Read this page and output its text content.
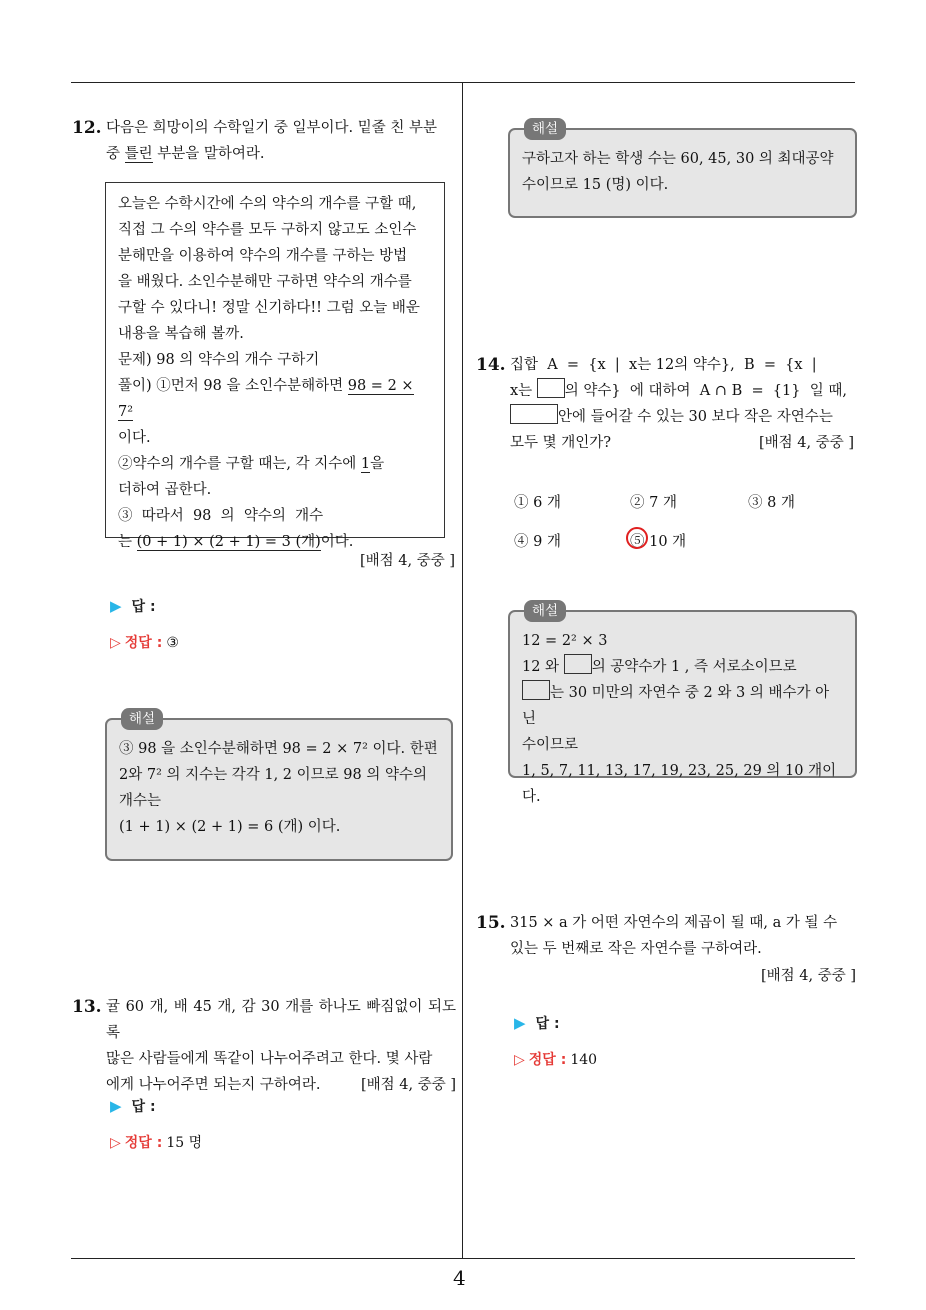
4
12. 다음은 희망이의 수학일기 중 일부이다. 밑줄 친 부분
중 틀린 부분을 말하여라.
오늘은 수학시간에 수의 약수의 개수를 구할 때,
직접 그 수의 약수를 모두 구하지 않고도 소인수
분해만을 이용하여 약수의 개수를 구하는 방법
을 배웠다. 소인수분해만 구하면 약수의 개수를
구할 수 있다니! 정말 신기하다!! 그럼 오늘 배운
내용을 복습해 볼까.
문제) 98 의 약수의 개수 구하기
풀이) ①먼저 98 을 소인수분해하면 98 = 2 × 7²
이다.
②약수의 개수를 구할 때는, 각 지수에 1을
더하여 곱한다.
③  따라서  98  의  약수의  개수
는 (0 + 1) × (2 + 1) = 3 (개)이다.
[배점 4, 중중 ]
▶ 답 :
▷ 정답 : ③
해설
③ 98 을 소인수분해하면 98 = 2 × 7² 이다. 한편
2와 7² 의 지수는 각각 1, 2 이므로 98 의 약수의
개수는
(1 + 1) × (2 + 1) = 6 (개) 이다.
13. 귤 60 개, 배 45 개, 감 30 개를 하나도 빠짐없이 되도록
많은 사람들에게 똑같이 나누어주려고 한다. 몇 사람
에게 나누어주면 되는지 구하여라.	[배점 4, 중중 ]
▶ 답 :
▷ 정답 : 15 명
해설
구하고자 하는 학생 수는 60, 45, 30 의 최대공약
수이므로 15 (명) 이다.
14. 집합  A  =  {x  |  x는 12의 약수},  B  =  {x  |
x는 의 약수}  에 대하여  A ∩ B  =  {1}  일 때,
안에 들어갈 수 있는 30 보다 작은 자연수는
모두 몇 개인가?	[배점 4, 중중 ]
① 6 개	② 7 개	③ 8 개
④ 9 개	⑤ 10 개
해설
12 = 2² × 3
12 와 의 공약수가 1 , 즉 서로소이므로
는 30 미만의 자연수 중 2 와 3 의 배수가 아닌
수이므로
1, 5, 7, 11, 13, 17, 19, 23, 25, 29 의 10 개이다.
15. 315 × a 가 어떤 자연수의 제곱이 될 때, a 가 될 수
있는 두 번째로 작은 자연수를 구하여라.
[배점 4, 중중 ]
▶ 답 :
▷ 정답 : 140
